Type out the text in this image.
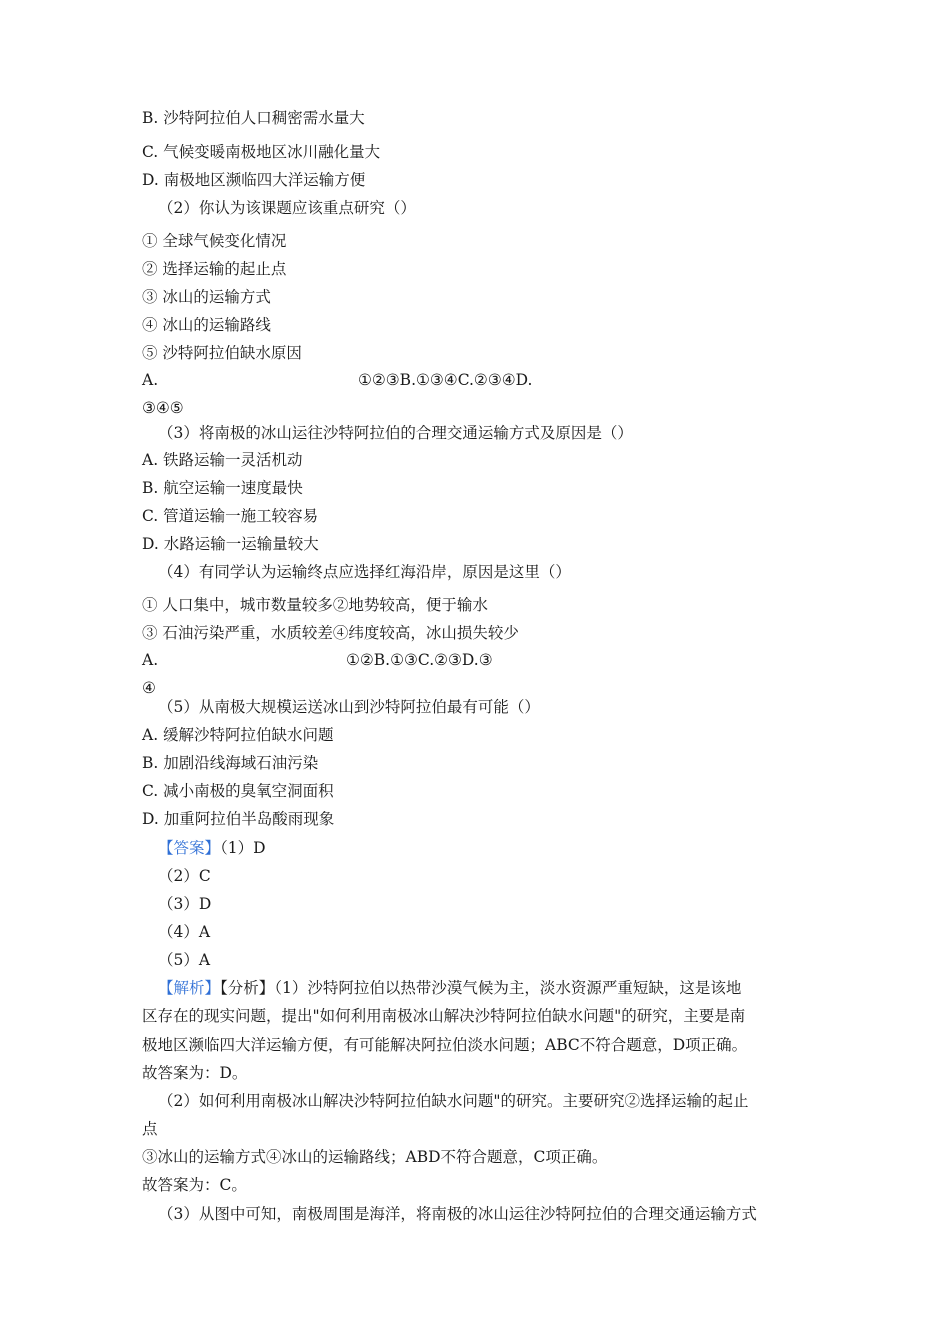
B. 沙特阿拉伯人口稠密需水量大
C. 气候变暖南极地区冰川融化量大
D. 南极地区濒临四大洋运输方便
（2）你认为该课题应该重点研究（）
① 全球气候变化情况
② 选择运输的起止点
③ 冰山的运输方式
④ 冰山的运输路线
⑤ 沙特阿拉伯缺水原因
A.	①②③B.①③④C.②③④D.
③④⑤
（3）将南极的冰山运往沙特阿拉伯的合理交通运输方式及原因是（）
A. 铁路运输一灵活机动
B. 航空运输一速度最快
C. 管道运输一施工较容易
D. 水路运输一运输量较大
（4）有同学认为运输终点应选择红海沿岸，原因是这里（）
① 人口集中，城市数量较多②地势较高，便于输水
③ 石油污染严重，水质较差④纬度较高，冰山损失较少
A.	①②B.①③C.②③D.③
④
（5）从南极大规模运送冰山到沙特阿拉伯最有可能（）
A. 缓解沙特阿拉伯缺水问题
B. 加剧沿线海域石油污染
C. 减小南极的臭氧空洞面积
D. 加重阿拉伯半岛酸雨现象
【答案】（1）D
（2）C
（3）D
（4）A
（5）A
【解析】【分析】（1）沙特阿拉伯以热带沙漠气候为主，淡水资源严重短缺，这是该地
区存在的现实问题，提出"如何利用南极冰山解决沙特阿拉伯缺水问题"的研究，主要是南
极地区濒临四大洋运输方便，有可能解决阿拉伯淡水问题；ABC不符合题意，D项正确。
故答案为：D。
（2）如何利用南极冰山解决沙特阿拉伯缺水问题"的研究。主要研究②选择运输的起止
点
③冰山的运输方式④冰山的运输路线；ABD不符合题意，C项正确。
故答案为：C。
（3）从图中可知，南极周围是海洋，将南极的冰山运往沙特阿拉伯的合理交通运输方式
